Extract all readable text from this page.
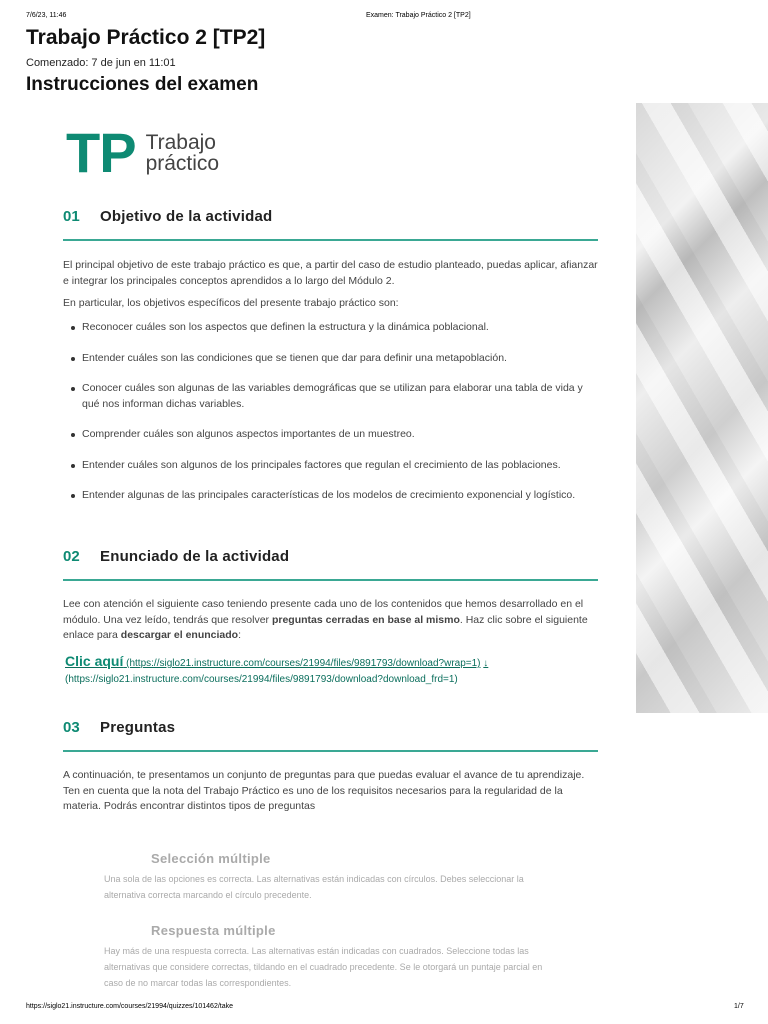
7/6/23, 11:46	Examen: Trabajo Práctico 2 [TP2]
Trabajo Práctico 2 [TP2]
Comenzado: 7 de jun en 11:01
Instrucciones del examen
TP Trabajo
práctico
01 Objetivo de la actividad

El principal objetivo de este trabajo práctico es que, a partir del caso de estudio planteado, puedas aplicar, afianzar e integrar los principales conceptos aprendidos a lo largo del Módulo 2.

En particular, los objetivos específicos del presente trabajo práctico son:

Reconocer cuáles son los aspectos que definen la estructura y la dinámica poblacional.
Entender cuáles son las condiciones que se tienen que dar para definir una metapoblación.
Conocer cuáles son algunas de las variables demográficas que se utilizan para elaborar una tabla de vida y qué nos informan dichas variables.
Comprender cuáles son algunos aspectos importantes de un muestreo.
Entender cuáles son algunos de los principales factores que regulan el crecimiento de las poblaciones.
Entender algunas de las principales características de los modelos de crecimiento exponencial y logístico.
02 Enunciado de la actividad

Lee con atención el siguiente caso teniendo presente cada uno de los contenidos que hemos desarrollado en el módulo. Una vez leído, tendrás que resolver preguntas cerradas en base al mismo. Haz clic sobre el siguiente enlace para descargar el enunciado:

Clic aquí (https://siglo21.instructure.com/courses/21994/files/9891793/download?wrap=1) ↓
(https://siglo21.instructure.com/courses/21994/files/9891793/download?download_frd=1)
03 Preguntas

A continuación, te presentamos un conjunto de preguntas para que puedas evaluar el avance de tu aprendizaje. Ten en cuenta que la nota del Trabajo Práctico es uno de los requisitos necesarios para la regularidad de la materia. Podrás encontrar distintos tipos de preguntas

Selección múltiple

Una sola de las opciones es correcta. Las alternativas están indicadas con círculos. Debes seleccionar la alternativa correcta marcando el círculo precedente.

Respuesta múltiple

Hay más de una respuesta correcta. Las alternativas están indicadas con cuadrados. Seleccione todas las alternativas que considere correctas, tildando en el cuadrado precedente. Se le otorgará un puntaje parcial en caso de no marcar todas las correspondientes.

https://siglo21.instructure.com/courses/21994/quizzes/101462/take	1/7
